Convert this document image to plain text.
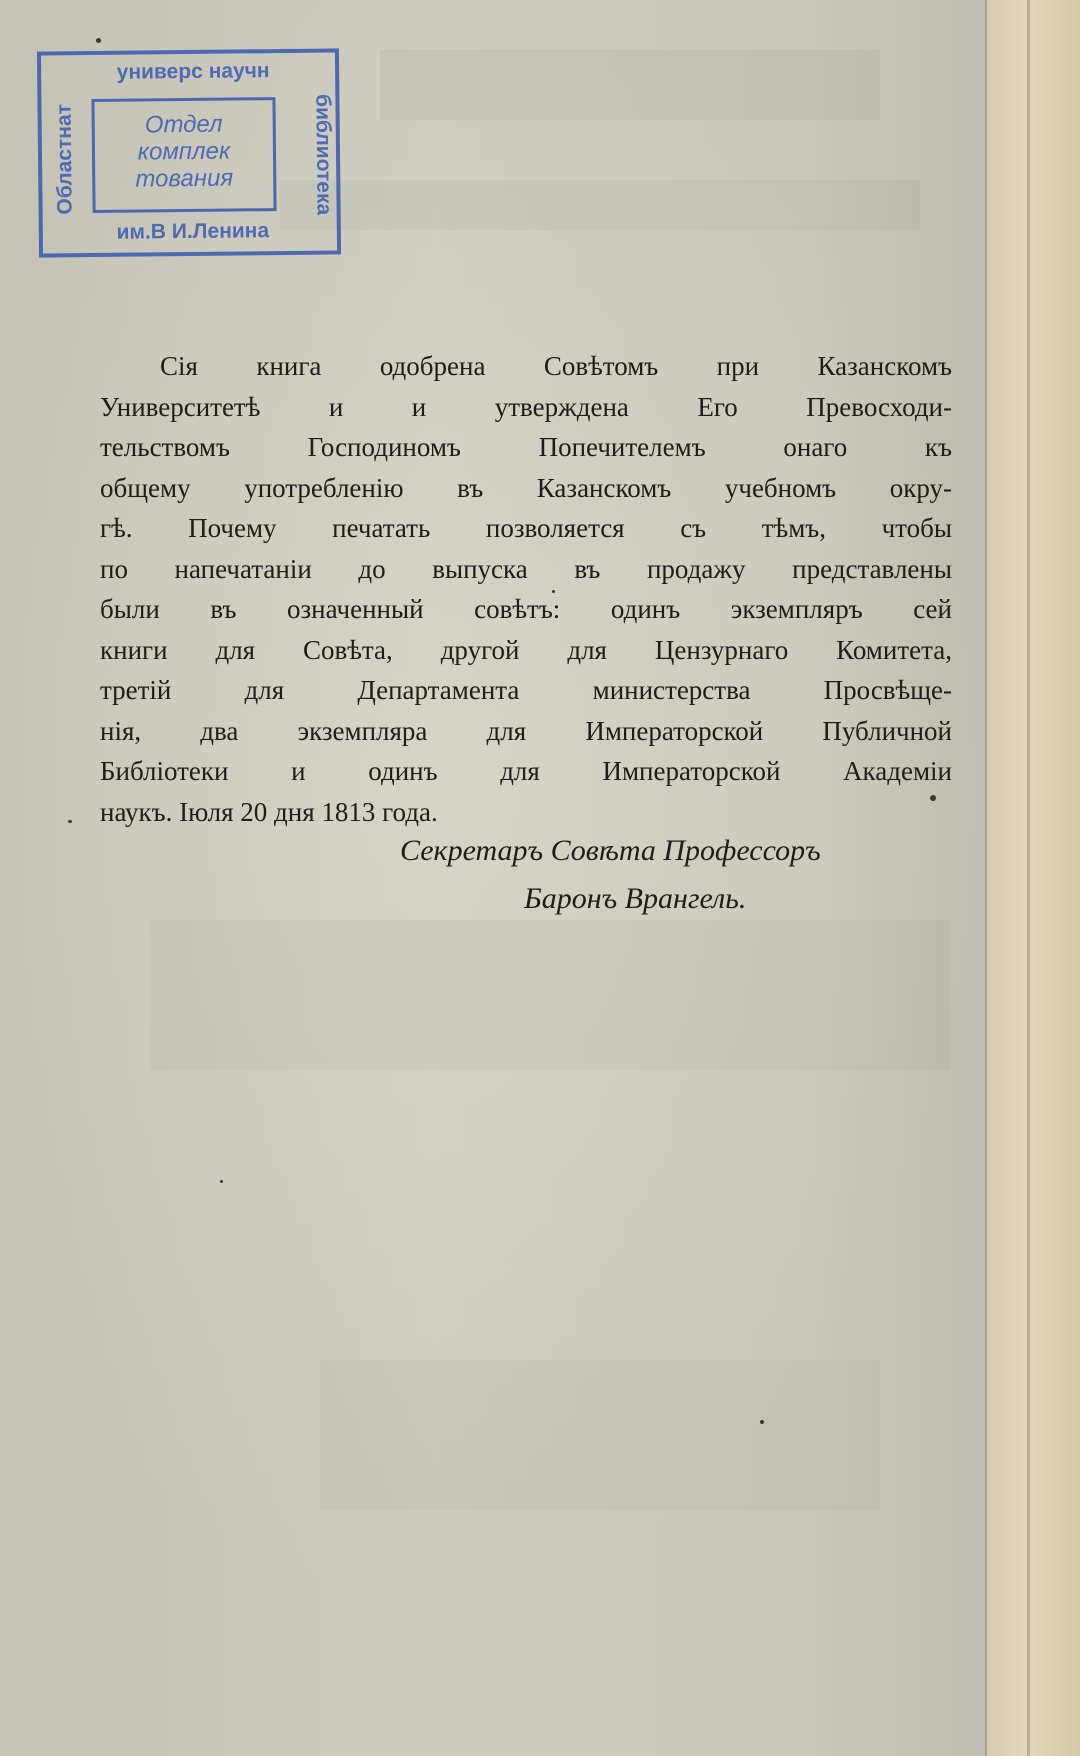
универс научн
Областнат	библиотека
Отдел
комплек
тования
им.В И.Ленина
Сія книга одобрена Совѣтомъ при Казанскомъ
Университетѣ и и утверждена Его Превосходи-
тельствомъ Господиномъ Попечителемъ онаго къ
общему употребленію въ Казанскомъ учебномъ окру-
гѣ. Почему печатать позволяется съ тѣмъ, чтобы
по напечатаніи до выпуска въ продажу представлены
были въ означенный совѣтъ: одинъ экземпляръ сей
книги для Совѣта, другой для Цензурнаго Комитета,
третій для Департамента министерства Просвѣще-
нія, два экземпляра для Императорской Публичной
Библіотеки и одинъ для Императорской Академіи
наукъ. Іюля 20 дня 1813 года.
Секретаръ Совѣта Профессоръ
Баронъ Врангель.
